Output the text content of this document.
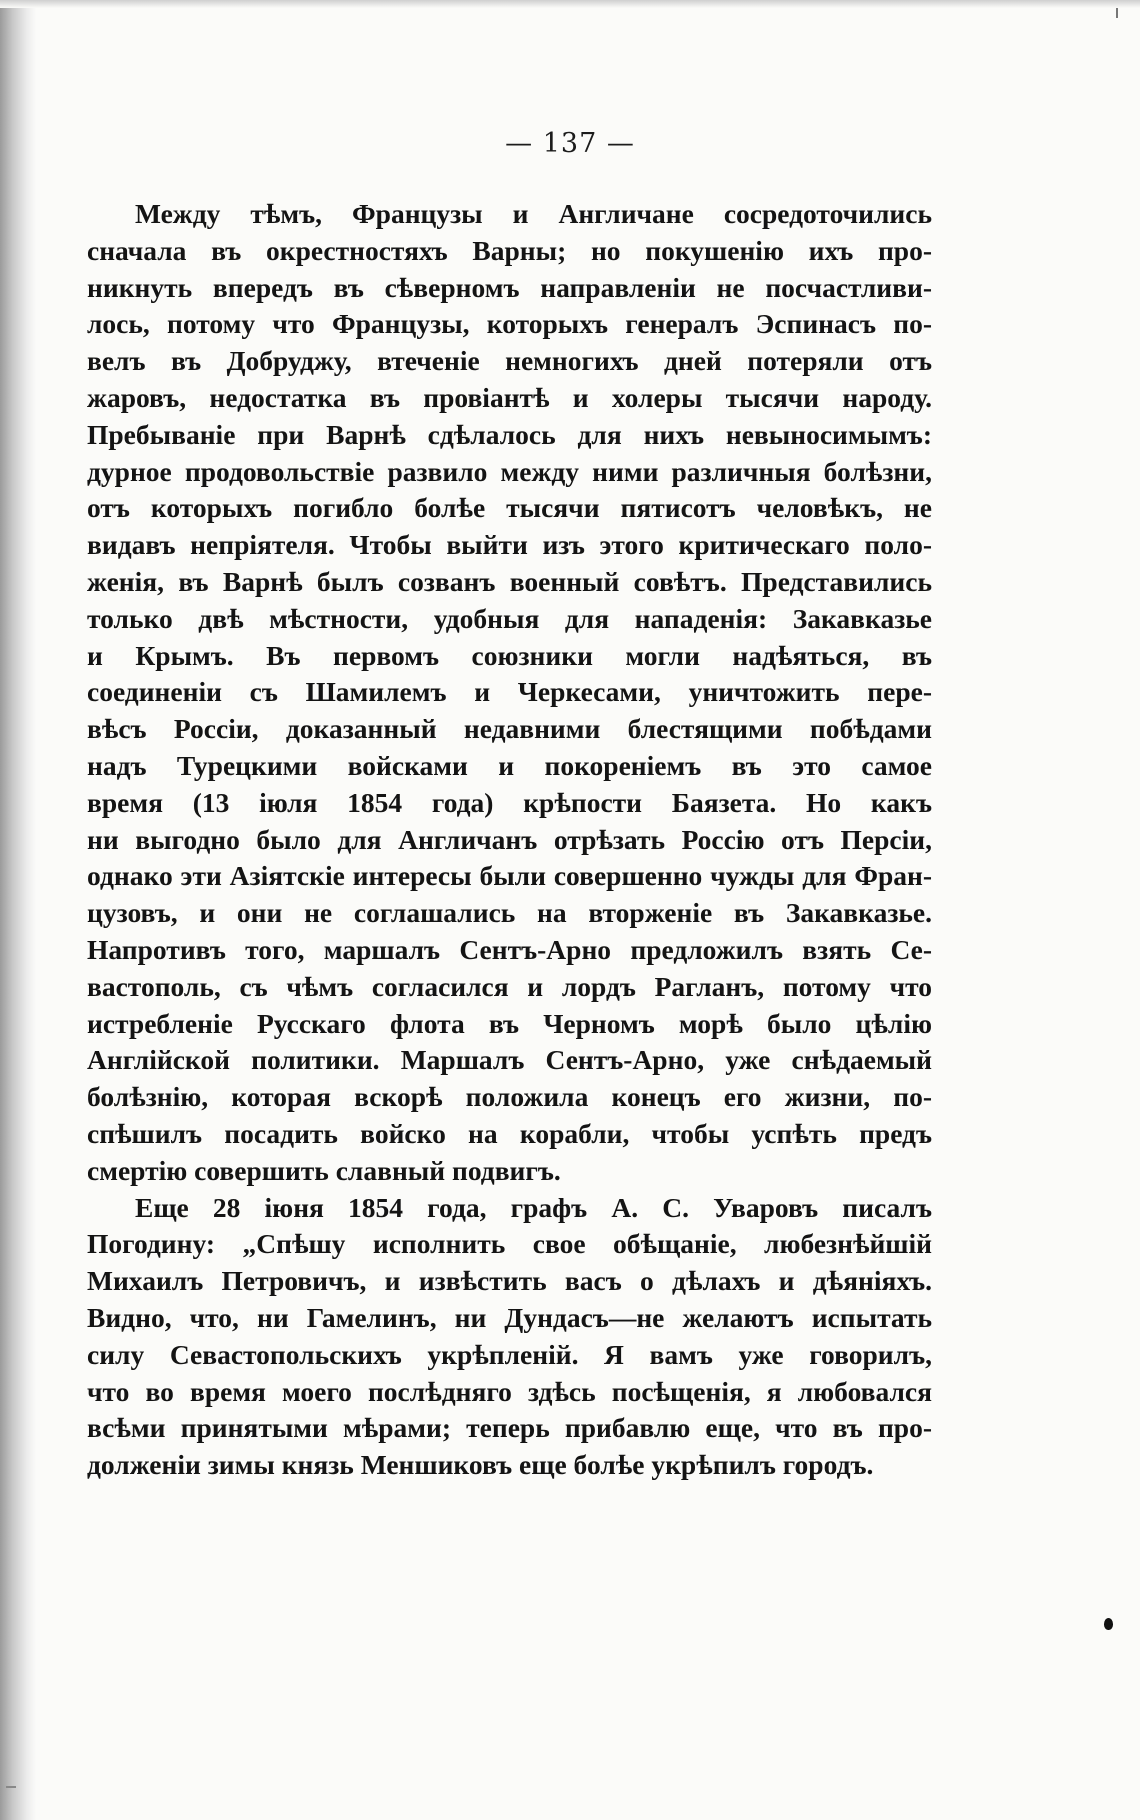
— 137 —
Между тѣмъ, Французы и Англичане сосредоточились
сначала въ окрестностяхъ Варны; но покушенію ихъ про-
никнуть впередъ въ сѣверномъ направленіи не посчастливи-
лось, потому что Французы, которыхъ генералъ Эспинасъ по-
велъ въ Добруджу, втеченіе немногихъ дней потеряли отъ
жаровъ, недостатка въ провіантѣ и холеры тысячи народу.
Пребываніе при Варнѣ сдѣлалось для нихъ невыносимымъ:
дурное продовольствіе развило между ними различныя болѣзни,
отъ которыхъ погибло болѣе тысячи пятисотъ человѣкъ, не
видавъ непріятеля. Чтобы выйти изъ этого критическаго поло-
женія, въ Варнѣ былъ созванъ военный совѣтъ. Представились
только двѣ мѣстности, удобныя для нападенія: Закавказье
и Крымъ. Въ первомъ союзники могли надѣяться, въ
соединеніи съ Шамилемъ и Черкесами, уничтожить пере-
вѣсъ Россіи, доказанный недавними блестящими побѣдами
надъ Турецкими войсками и покореніемъ въ это самое
время (13 іюля 1854 года) крѣпости Баязета. Но какъ
ни выгодно было для Англичанъ отрѣзать Россію отъ Персіи,
однако эти Азіятскіе интересы были совершенно чужды для Фран-
цузовъ, и они не соглашались на вторженіе въ Закавказье.
Напротивъ того, маршалъ Сентъ-Арно предложилъ взять Се-
вастополь, съ чѣмъ согласился и лордъ Рагланъ, потому что
истребленіе Русскаго флота въ Черномъ морѣ было цѣлію
Англійской политики. Маршалъ Сентъ-Арно, уже снѣдаемый
болѣзнію, которая вскорѣ положила конецъ его жизни, по-
спѣшилъ посадить войско на корабли, чтобы успѣть предъ
смертію совершить славный подвигъ.
Еще 28 іюня 1854 года, графъ А. С. Уваровъ писалъ
Погодину: „Спѣшу исполнить свое обѣщаніе, любезнѣйшій
Михаилъ Петровичъ, и извѣстить васъ о дѣлахъ и дѣяніяхъ.
Видно, что, ни Гамелинъ, ни Дундасъ—не желаютъ испытать
силу Севастопольскихъ укрѣпленій. Я вамъ уже говорилъ,
что во время моего послѣдняго здѣсь посѣщенія, я любовался
всѣми принятыми мѣрами; теперь прибавлю еще, что въ про-
долженіи зимы князь Меншиковъ еще болѣе укрѣпилъ городъ.
